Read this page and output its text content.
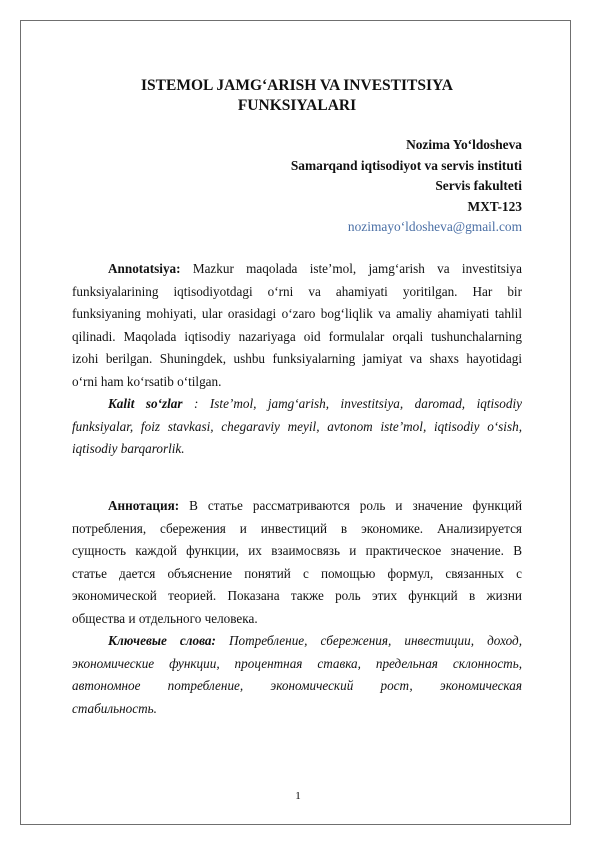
ISTEMOL JAMG‘ARISH VA INVESTITSIYA
FUNKSIYALARI
Nozima Yo‘ldosheva
Samarqand iqtisodiyot va servis instituti
Servis fakulteti
MXT-123
nozimayo‘ldosheva@gmail.com
Annotatsiya: Mazkur maqolada iste’mol, jamg‘arish va investitsiya
funksiyalarining iqtisodiyotdagi o‘rni va ahamiyati yoritilgan. Har bir
funksiyaning mohiyati, ular orasidagi o‘zaro bog‘liqlik va amaliy ahamiyati tahlil
qilinadi. Maqolada iqtisodiy nazariyaga oid formulalar orqali tushunchalarning
izohi berilgan. Shuningdek, ushbu funksiyalarning jamiyat va shaxs hayotidagi
o‘rni ham ko‘rsatib o‘tilgan.
Kalit so‘zlar : Iste’mol, jamg‘arish, investitsiya, daromad, iqtisodiy
funksiyalar, foiz stavkasi, chegaraviy meyil, avtonom iste’mol, iqtisodiy o‘sish,
iqtisodiy barqarorlik.
Аннотация: В статье рассматриваются роль и значение функций
потребления, сбережения и инвестиций в экономике. Анализируется
сущность каждой функции, их взаимосвязь и практическое значение. В
статье дается объяснение понятий с помощью формул, связанных с
экономической теорией. Показана также роль этих функций в жизни
общества и отдельного человека.
Ключевые слова: Потребление, сбережения, инвестиции, доход,
экономические функции, процентная ставка, предельная склонность,
автономное потребление, экономический рост, экономическая
стабильность.
1
